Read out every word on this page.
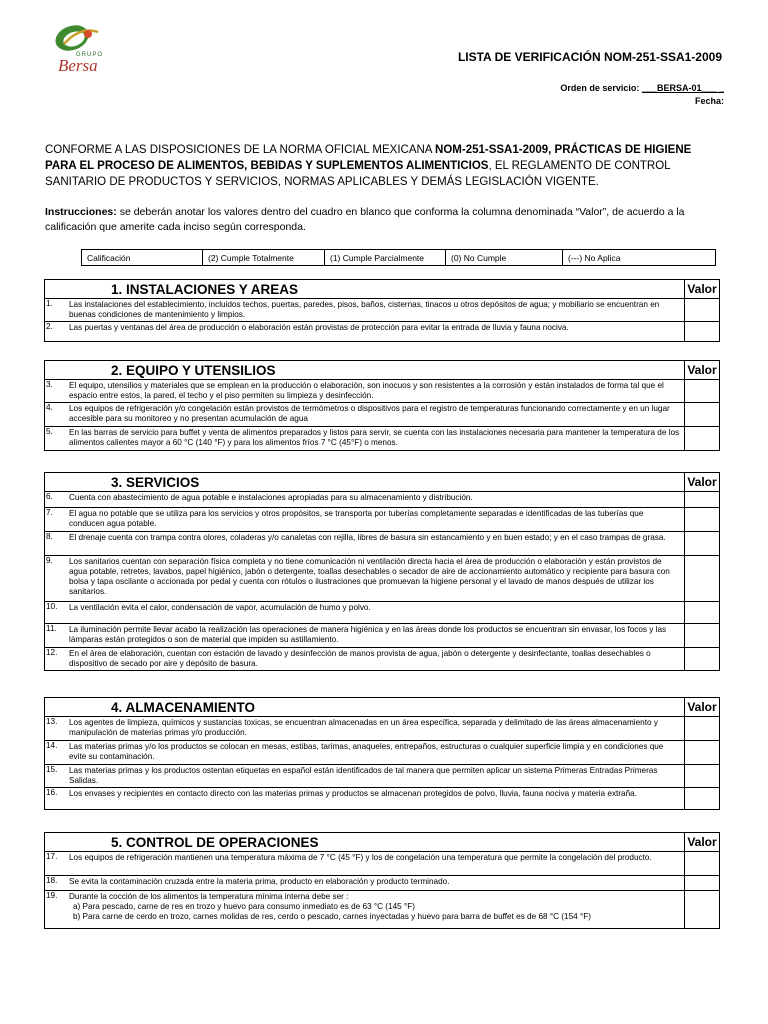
GRUPO
Bersa	LISTA DE VERIFICACIÓN NOM-251-SSA1-2009
Orden de servicio: ___BERSA-01___ _
Fecha:
CONFORME A LAS DISPOSICIONES DE LA NORMA OFICIAL MEXICANA NOM-251-SSA1-2009, PRÁCTICAS DE HIGIENE PARA EL PROCESO DE ALIMENTOS, BEBIDAS Y SUPLEMENTOS ALIMENTICIOS, EL REGLAMENTO DE CONTROL SANITARIO DE PRODUCTOS Y SERVICIOS, NORMAS APLICABLES Y DEMÁS LEGISLACIÓN VIGENTE.
Instrucciones: se deberán anotar los valores dentro del cuadro en blanco que conforma la columna denominada “Valor”, de acuerdo a la calificación que amerite cada inciso según corresponda.
Calificación	(2) Cumple Totalmente	(1) Cumple Parcialmente	(0) No Cumple	(---) No Aplica
1. INSTALACIONES Y AREAS		Valor
1.	Las instalaciones del establecimiento, incluidos techos, puertas, paredes, pisos, baños, cisternas, tinacos u otros depósitos de agua; y mobiliario se encuentran en buenas condiciones de mantenimiento y limpios.	

2.	Las puertas y ventanas del área de producción o elaboración están provistas de protección para evitar la entrada de lluvia y fauna nociva.	

2. EQUIPO Y UTENSILIOS		Valor
3.	El equipo, utensilios y materiales que se emplean en la producción o elaboración, son inocuos y son resistentes a la corrosión y están instalados de forma tal que el espacio entre estos, la pared, el techo y el piso permiten su limpieza y desinfección.	

4.	Los equipos de refrigeración y/o congelación están provistos de termómetros o dispositivos para el registro de temperaturas funcionando correctamente y en un lugar accesible para su monitoreo y no presentan acumulación de agua	

5.	En las barras de servicio para buffet y venta de alimentos preparados y listos para servir, se cuenta con las instalaciones necesaria para mantener la temperatura de los alimentos calientes mayor a 60 °C (140 °F) y para los alimentos fríos 7 °C (45°F) o menos.	

3. SERVICIOS		Valor
6.	Cuenta con abastecimiento de agua potable e instalaciones apropiadas para su almacenamiento y distribución.	

7.	El agua no potable que se utiliza para los servicios y otros propósitos, se transporta por tuberías completamente separadas e identificadas de las tuberías que conducen agua potable.	

8.	El drenaje cuenta con trampa contra olores, coladeras y/o canaletas con rejilla, libres de basura sin estancamiento y en buen estado; y en el caso trampas de grasa.	

9.	Los sanitarios cuentan con separación física completa y no tiene comunicación ni ventilación directa hacia el área de producción o elaboración y están provistos de agua potable, retretes, lavabos, papel higiénico, jabón o detergente, toallas desechables o secador de aire de accionamiento automático y recipiente para basura con bolsa y tapa oscilante o accionada por pedal y cuenta con rótulos o ilustraciones que promuevan la higiene personal y el lavado de manos después de utilizar los sanitarios.	

10.	La ventilación evita el calor, condensación de vapor, acumulación de humo y polvo.	

11.	La iluminación permite llevar acabo la realización las operaciones de manera higiénica y en las áreas donde los productos se encuentran sin envasar, los focos y las lámparas están protegidos o son de material que impiden su astillamiento.	

12.	En el área de elaboración, cuentan con estación de lavado y desinfección de manos provista de agua, jabón o detergente y desinfectante, toallas desechables o dispositivo de secado por aire y depósito de basura.	

4. ALMACENAMIENTO		Valor
13.	Los agentes de limpieza, químicos y sustancias toxicas, se encuentran almacenadas en un área específica, separada y delimitado de las áreas almacenamiento y manipulación de materias primas y/o producción.	

14.	Las materias primas y/o los productos se colocan en mesas, estibas, tarimas, anaqueles, entrepaños, estructuras o cualquier superficie limpia y en condiciones que evite su contaminación.	

15.	Las materias primas y los productos ostentan etiquetas en español están identificados de tal manera que permiten aplicar un sistema Primeras Entradas Primeras Salidas.	

16.	Los envases y recipientes en contacto directo con las materias primas y productos se almacenan protegidos de polvo, lluvia, fauna nociva y materia extraña.	

5. CONTROL DE OPERACIONES		Valor
17.	Los equipos de refrigeración mantienen una temperatura máxima de 7 °C (45 °F) y los de congelación una temperatura que permite la congelación del producto.	

18.	Se evita la contaminación cruzada entre la materia prima, producto en elaboración y producto terminado.	

19.	Durante la cocción de los alimentos la temperatura mínima interna debe ser :
a) Para pescado, carne de res en trozo y huevo para consumo inmediato es de 63 °C (145 °F)
b) Para carne de cerdo en trozo, carnes molidas de res, cerdo o pescado, carnes inyectadas y huevo para barra de buffet es de 68 °C (154 °F)	
